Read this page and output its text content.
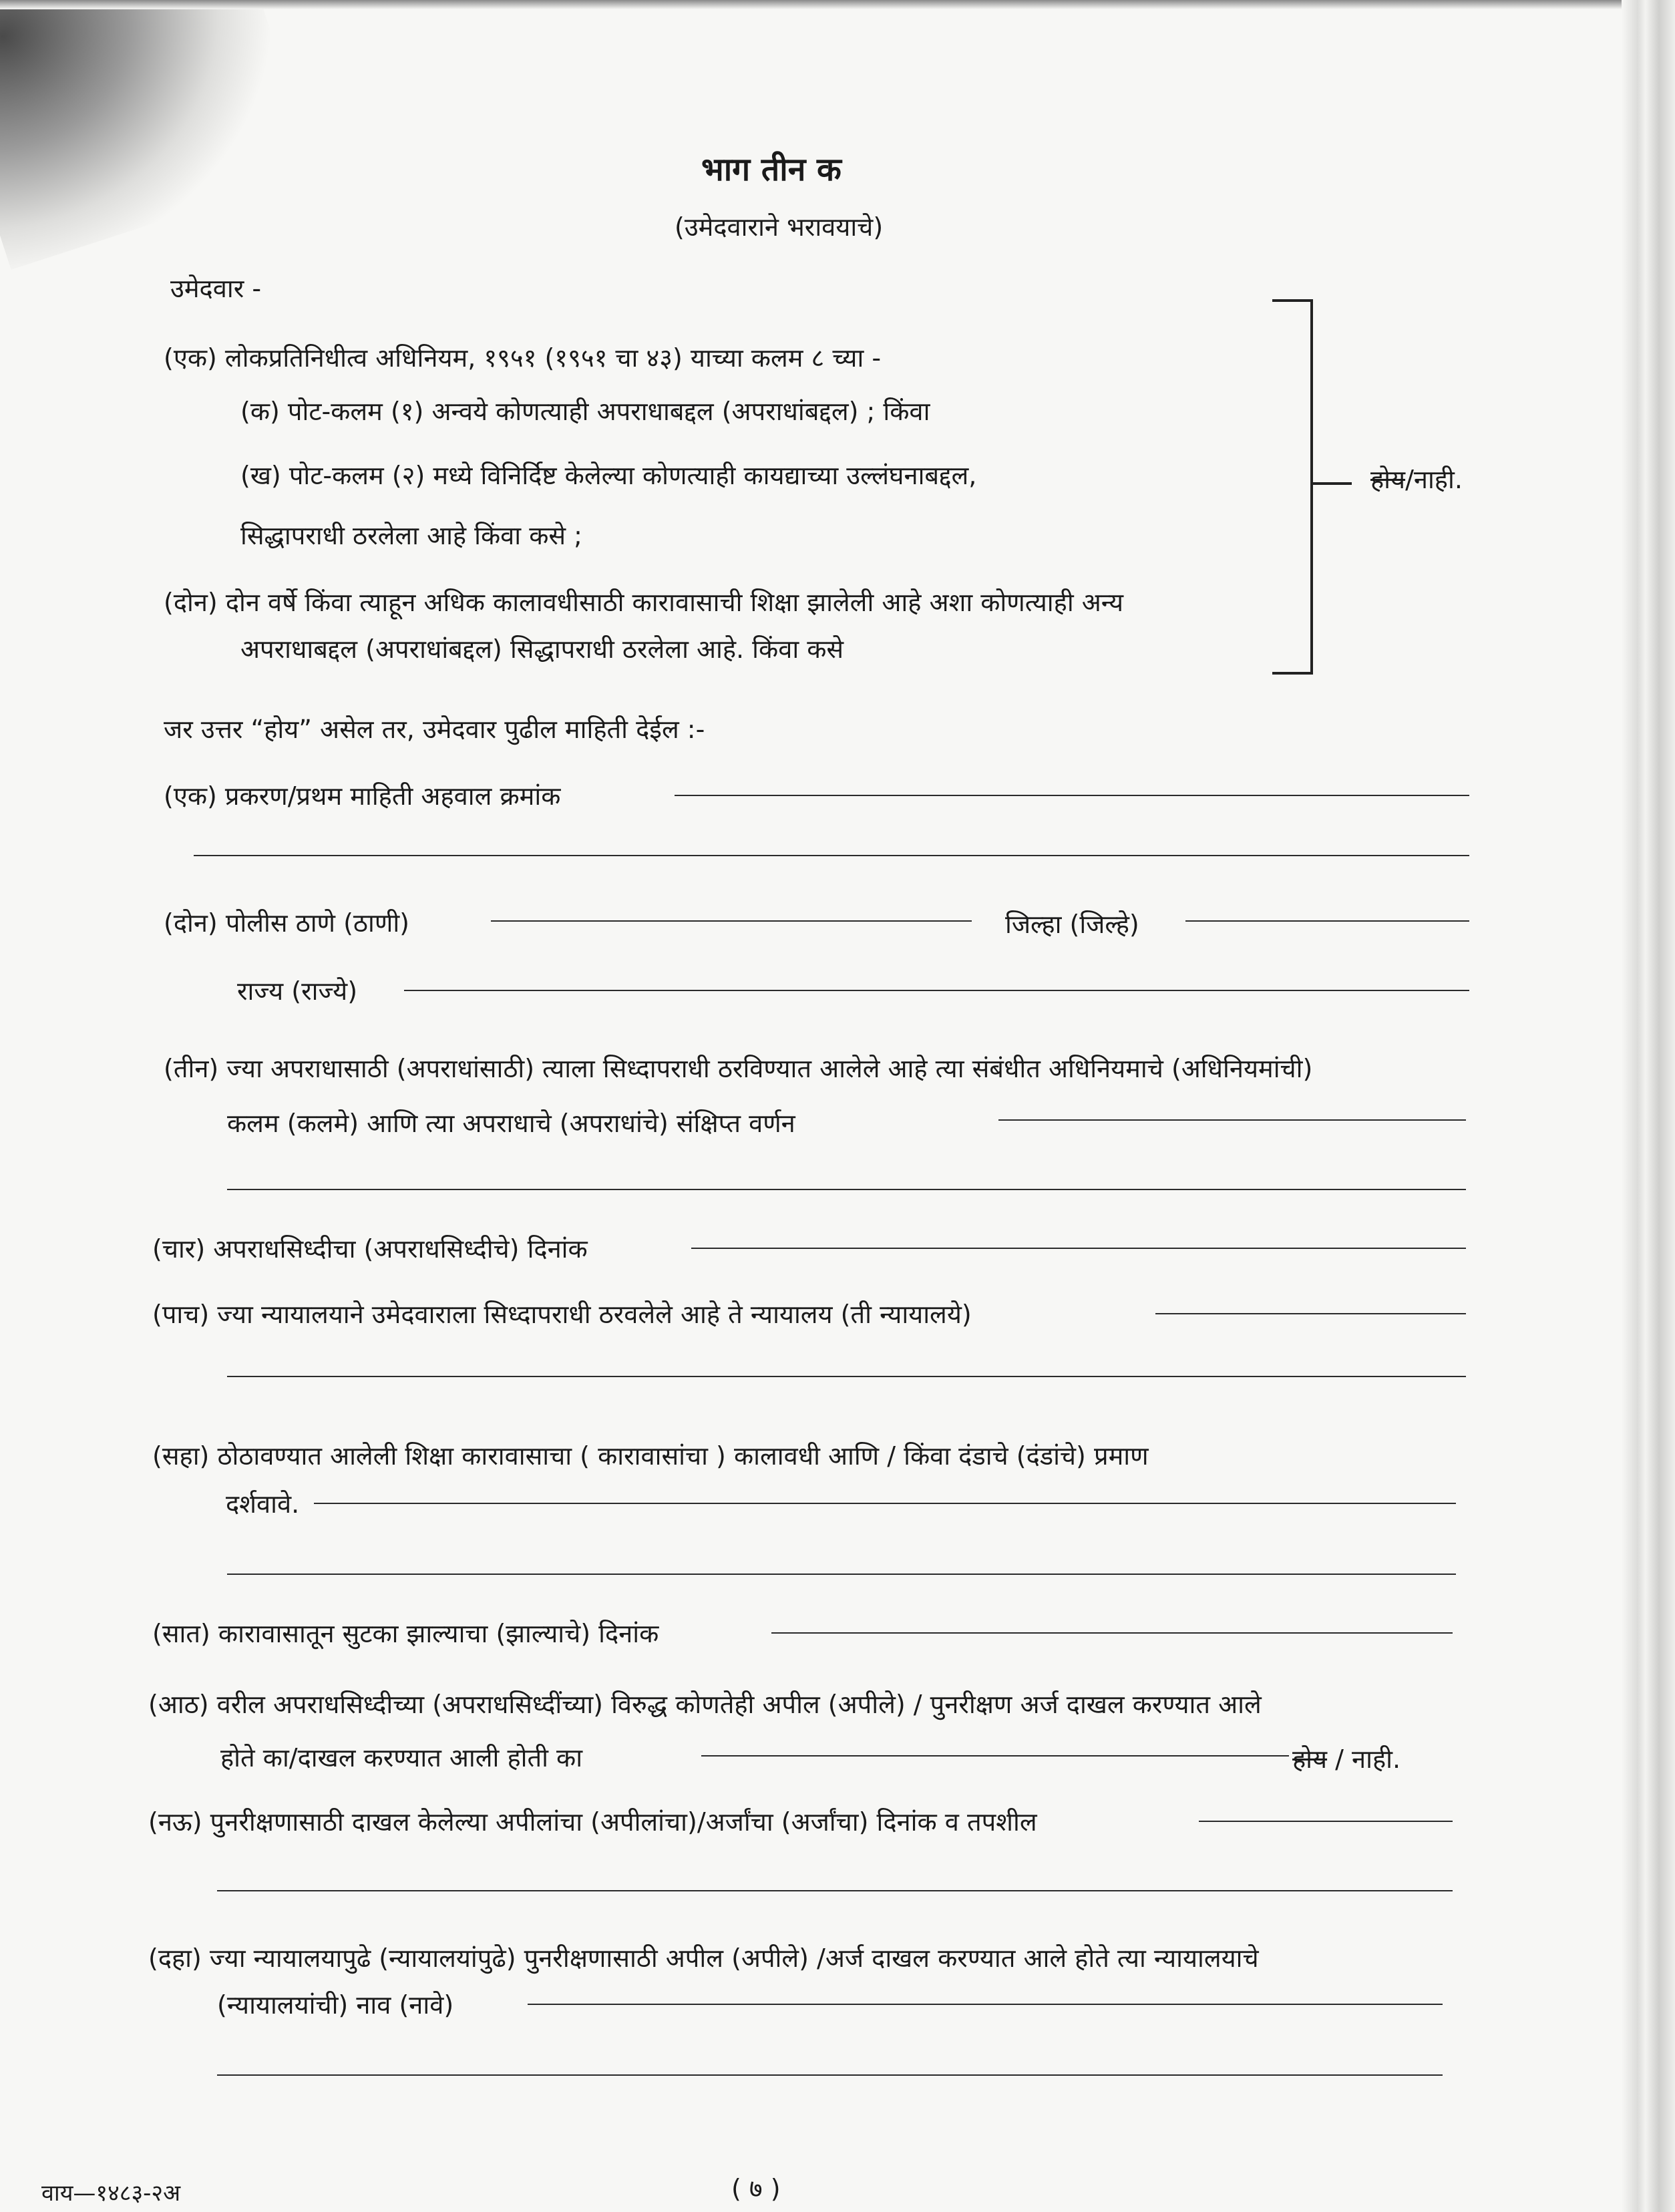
भाग तीन क
(उमेदवाराने भरावयाचे)
उमेदवार -
(एक) लोकप्रतिनिधीत्व अधिनियम, १९५१ (१९५१ चा ४३) याच्या कलम ८ च्या -
(क) पोट-कलम (१) अन्वये कोणत्याही अपराधाबद्दल (अपराधांबद्दल) ; किंवा
(ख) पोट-कलम (२) मध्ये विनिर्दिष्ट केलेल्या कोणत्याही कायद्याच्या उल्लंघनाबद्दल,
सिद्धापराधी ठरलेला आहे किंवा कसे ;
(दोन) दोन वर्षे किंवा त्याहून अधिक कालावधीसाठी कारावासाची शिक्षा झालेली आहे अशा कोणत्याही अन्य
अपराधाबद्दल (अपराधांबद्दल) सिद्धापराधी ठरलेला आहे. किंवा कसे
होय/नाही.
जर उत्तर “होय” असेल तर, उमेदवार पुढील माहिती देईल :-
(एक) प्रकरण/प्रथम माहिती अहवाल क्रमांक
(दोन) पोलीस ठाणे (ठाणी)	जिल्हा (जिल्हे)
राज्य (राज्ये)
(तीन) ज्या अपराधासाठी (अपराधांसाठी) त्याला सिध्दापराधी ठरविण्यात आलेले आहे त्या संबंधीत अधिनियमाचे (अधिनियमांची)
कलम (कलमे) आणि त्या अपराधाचे (अपराधांचे) संक्षिप्त वर्णन
(चार) अपराधसिध्दीचा (अपराधसिध्दीचे) दिनांक
(पाच) ज्या न्यायालयाने उमेदवाराला सिध्दापराधी ठरवलेले आहे ते न्यायालय (ती न्यायालये)
(सहा) ठोठावण्यात आलेली शिक्षा कारावासाचा ( कारावासांचा ) कालावधी आणि / किंवा दंडाचे (दंडांचे) प्रमाण
दर्शवावे.
(सात) कारावासातून सुटका झाल्याचा (झाल्याचे) दिनांक
(आठ) वरील अपराधसिध्दीच्या (अपराधसिध्दींच्या) विरुद्ध कोणतेही अपील (अपीले) / पुनरीक्षण अर्ज दाखल करण्यात आले
होते का/दाखल करण्यात आली होती का	होय / नाही.
(नऊ) पुनरीक्षणासाठी दाखल केलेल्या अपीलांचा (अपीलांचा)/अर्जांचा (अर्जांचा) दिनांक व तपशील
(दहा) ज्या न्यायालयापुढे (न्यायालयांपुढे) पुनरीक्षणासाठी अपील (अपीले) /अर्ज दाखल करण्यात आले होते त्या न्यायालयाचे
(न्यायालयांची) नाव (नावे)
( ७ )
वाय—१४८३-२अ
